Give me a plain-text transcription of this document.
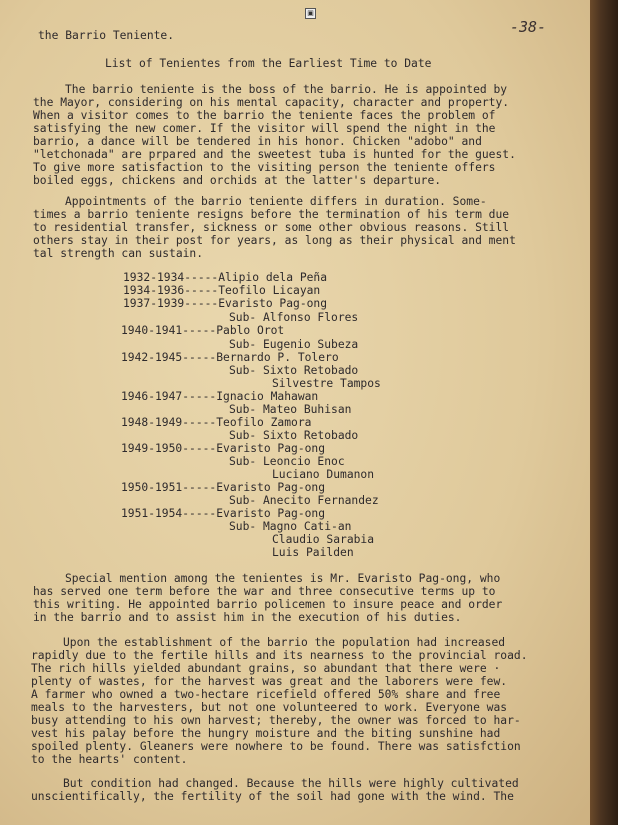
▣
-38-
the Barrio Teniente.
List of Tenientes from the Earliest Time to Date
The barrio teniente is the boss of the barrio. He is appointed by
the Mayor, considering on his mental capacity, character and property.
When a visitor comes to the barrio the teniente faces the problem of
satisfying the new comer. If the visitor will spend the night in the
barrio, a dance will be tendered in his honor. Chicken "adobo" and
"letchonada" are prpared and the sweetest tuba is hunted for the guest.
To give more satisfaction to the visiting person the teniente offers
boiled eggs, chickens and orchids at the latter's departure.
Appointments of the barrio teniente differs in duration. Some-
times a barrio teniente resigns before the termination of his term due
to residential transfer, sickness or some other obvious reasons. Still
others stay in their post for years, as long as their physical and ment
tal strength can sustain.
1932-1934-----Alipio dela Peña
1934-1936-----Teofilo Licayan
1937-1939-----Evaristo Pag-ong
Sub- Alfonso Flores
1940-1941-----Pablo Orot
Sub- Eugenio Subeza
1942-1945-----Bernardo P. Tolero
Sub- Sixto Retobado
Silvestre Tampos
1946-1947-----Ignacio Mahawan
Sub- Mateo Buhisan
1948-1949-----Teofilo Zamora
Sub- Sixto Retobado
1949-1950-----Evaristo Pag-ong
Sub- Leoncio Enoc
Luciano Dumanon
1950-1951-----Evaristo Pag-ong
Sub- Anecito Fernandez
1951-1954-----Evaristo Pag-ong
Sub- Magno Cati-an
Claudio Sarabia
Luis Pailden
Special mention among the tenientes is Mr. Evaristo Pag-ong, who
has served one term before the war and three consecutive terms up to
this writing. He appointed barrio policemen to insure peace and order
in the barrio and to assist him in the execution of his duties.
Upon the establishment of the barrio the population had increased
rapidly due to the fertile hills and its nearness to the provincial road.
The rich hills yielded abundant grains, so abundant that there were ·
plenty of wastes, for the harvest was great and the laborers were few.
A farmer who owned a two-hectare ricefield offered 50% share and free
meals to the harvesters, but not one volunteered to work. Everyone was
busy attending to his own harvest; thereby, the owner was forced to har-
vest his palay before the hungry moisture and the biting sunshine had
spoiled plenty. Gleaners were nowhere to be found. There was satisfction
to the hearts' content.
But condition had changed. Because the hills were highly cultivated
unscientifically, the fertility of the soil had gone with the wind. The
